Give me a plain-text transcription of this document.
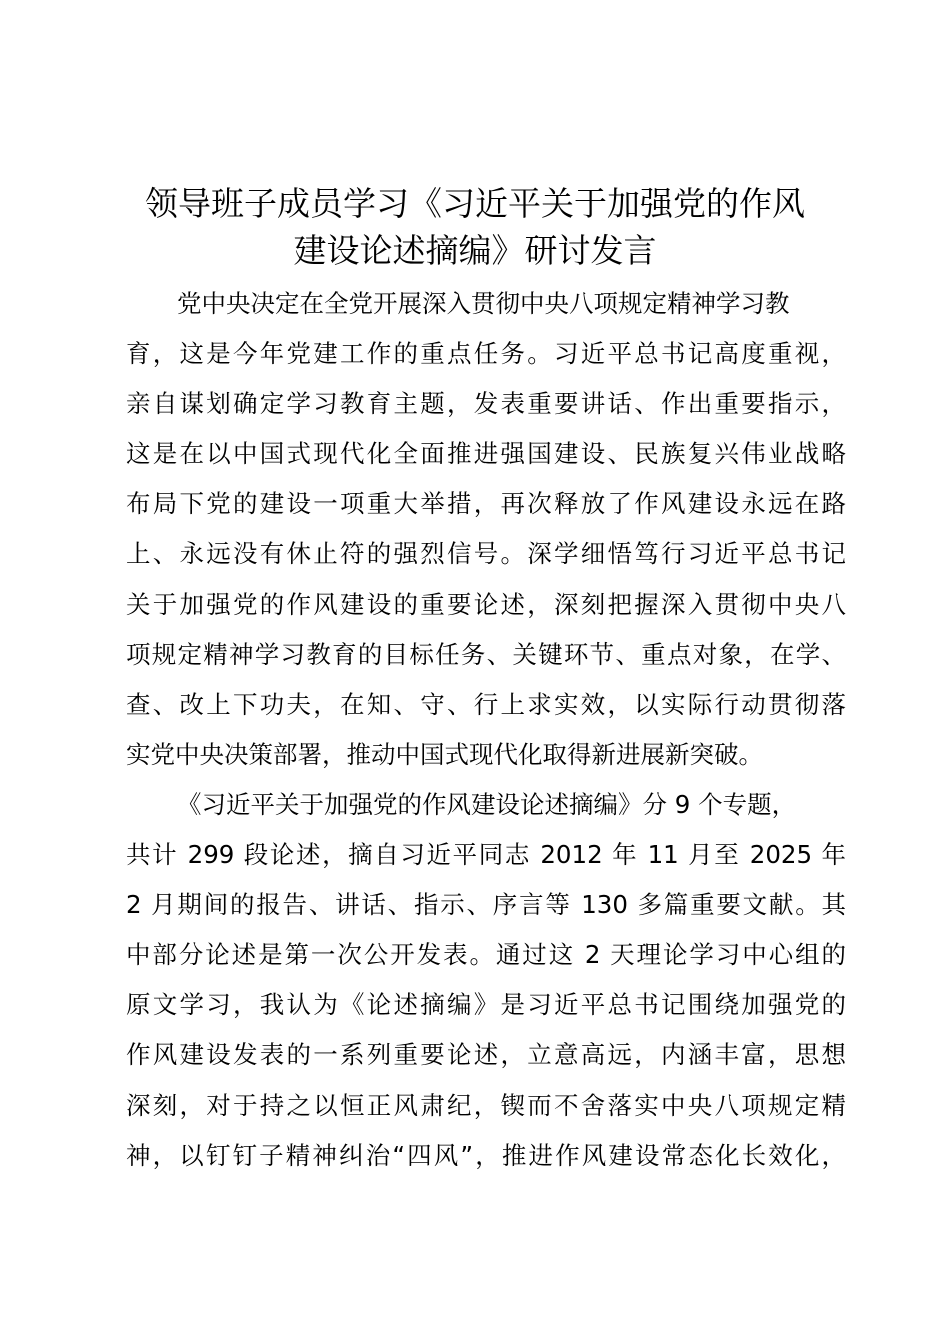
领导班子成员学习《习近平关于加强党的作风
建设论述摘编》研讨发言
党中央决定在全党开展深入贯彻中央八项规定精神学习教
育，这是今年党建工作的重点任务。习近平总书记高度重视，
亲自谋划确定学习教育主题，发表重要讲话、作出重要指示，
这是在以中国式现代化全面推进强国建设、民族复兴伟业战略
布局下党的建设一项重大举措，再次释放了作风建设永远在路
上、永远没有休止符的强烈信号。深学细悟笃行习近平总书记
关于加强党的作风建设的重要论述，深刻把握深入贯彻中央八
项规定精神学习教育的目标任务、关键环节、重点对象，在学、
查、改上下功夫，在知、守、行上求实效，以实际行动贯彻落
实党中央决策部署，推动中国式现代化取得新进展新突破。
《习近平关于加强党的作风建设论述摘编》分 9 个专题，
共计 299 段论述，摘自习近平同志 2012 年 11 月至 2025 年
2 月期间的报告、讲话、指示、序言等 130 多篇重要文献。其
中部分论述是第一次公开发表。通过这 2 天理论学习中心组的
原文学习，我认为《论述摘编》是习近平总书记围绕加强党的
作风建设发表的一系列重要论述，立意高远，内涵丰富，思想
深刻，对于持之以恒正风肃纪，锲而不舍落实中央八项规定精
神，以钉钉子精神纠治“四风”，推进作风建设常态化长效化，
